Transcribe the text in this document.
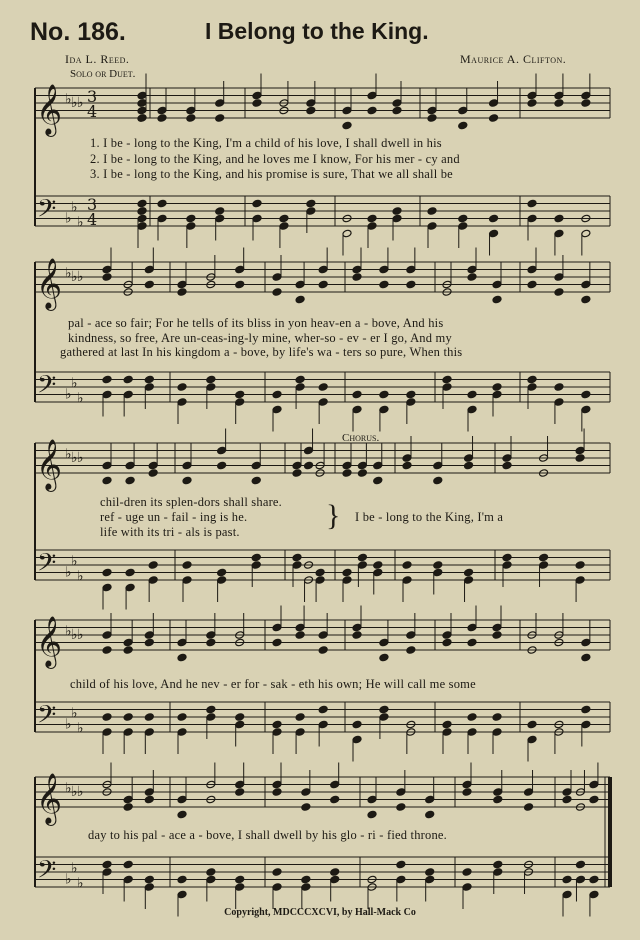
No. 186.	I Belong to the King.
Ida L. Reed.	Maurice A. Clifton.
Solo or Duet.
Chorus.
𝄞 ♭ ♭ ♭ 3
4
𝄢 ♭
♭
♭
3
4
𝄞 ♭ ♭ ♭
𝄢 ♭
♭
♭
𝄞 ♭ ♭ ♭
𝄢 ♭
♭
♭
𝄞 ♭ ♭ ♭
𝄢 ♭
♭
♭
𝄞 ♭ ♭ ♭
𝄢 ♭
♭
♭
1. I be - long to the King, I'm a child of his love, I shall dwell in his
2. I be - long to the King, and he loves me I know, For his mer - cy and
3. I be - long to the King, and his promise is sure, That we all shall be
pal - ace so fair; For he tells of its bliss in yon heav-en a - bove, And his
kindness, so free, Are un-ceas-ing-ly mine, wher-so - ev - er I go, And my
gathered at last In his kingdom a - bove, by life's wa - ters so pure, When this
chil-dren its splen-dors shall share.
ref - uge un - fail - ing is he.
life with its tri - als is past.	} I be - long to the King, I'm a
child of his love, And he nev - er for - sak - eth his own; He will call me some
day to his pal - ace a - bove, I shall dwell by his glo - ri - fied throne.
Copyright, MDCCCXCVI, by Hall-Mack Co
